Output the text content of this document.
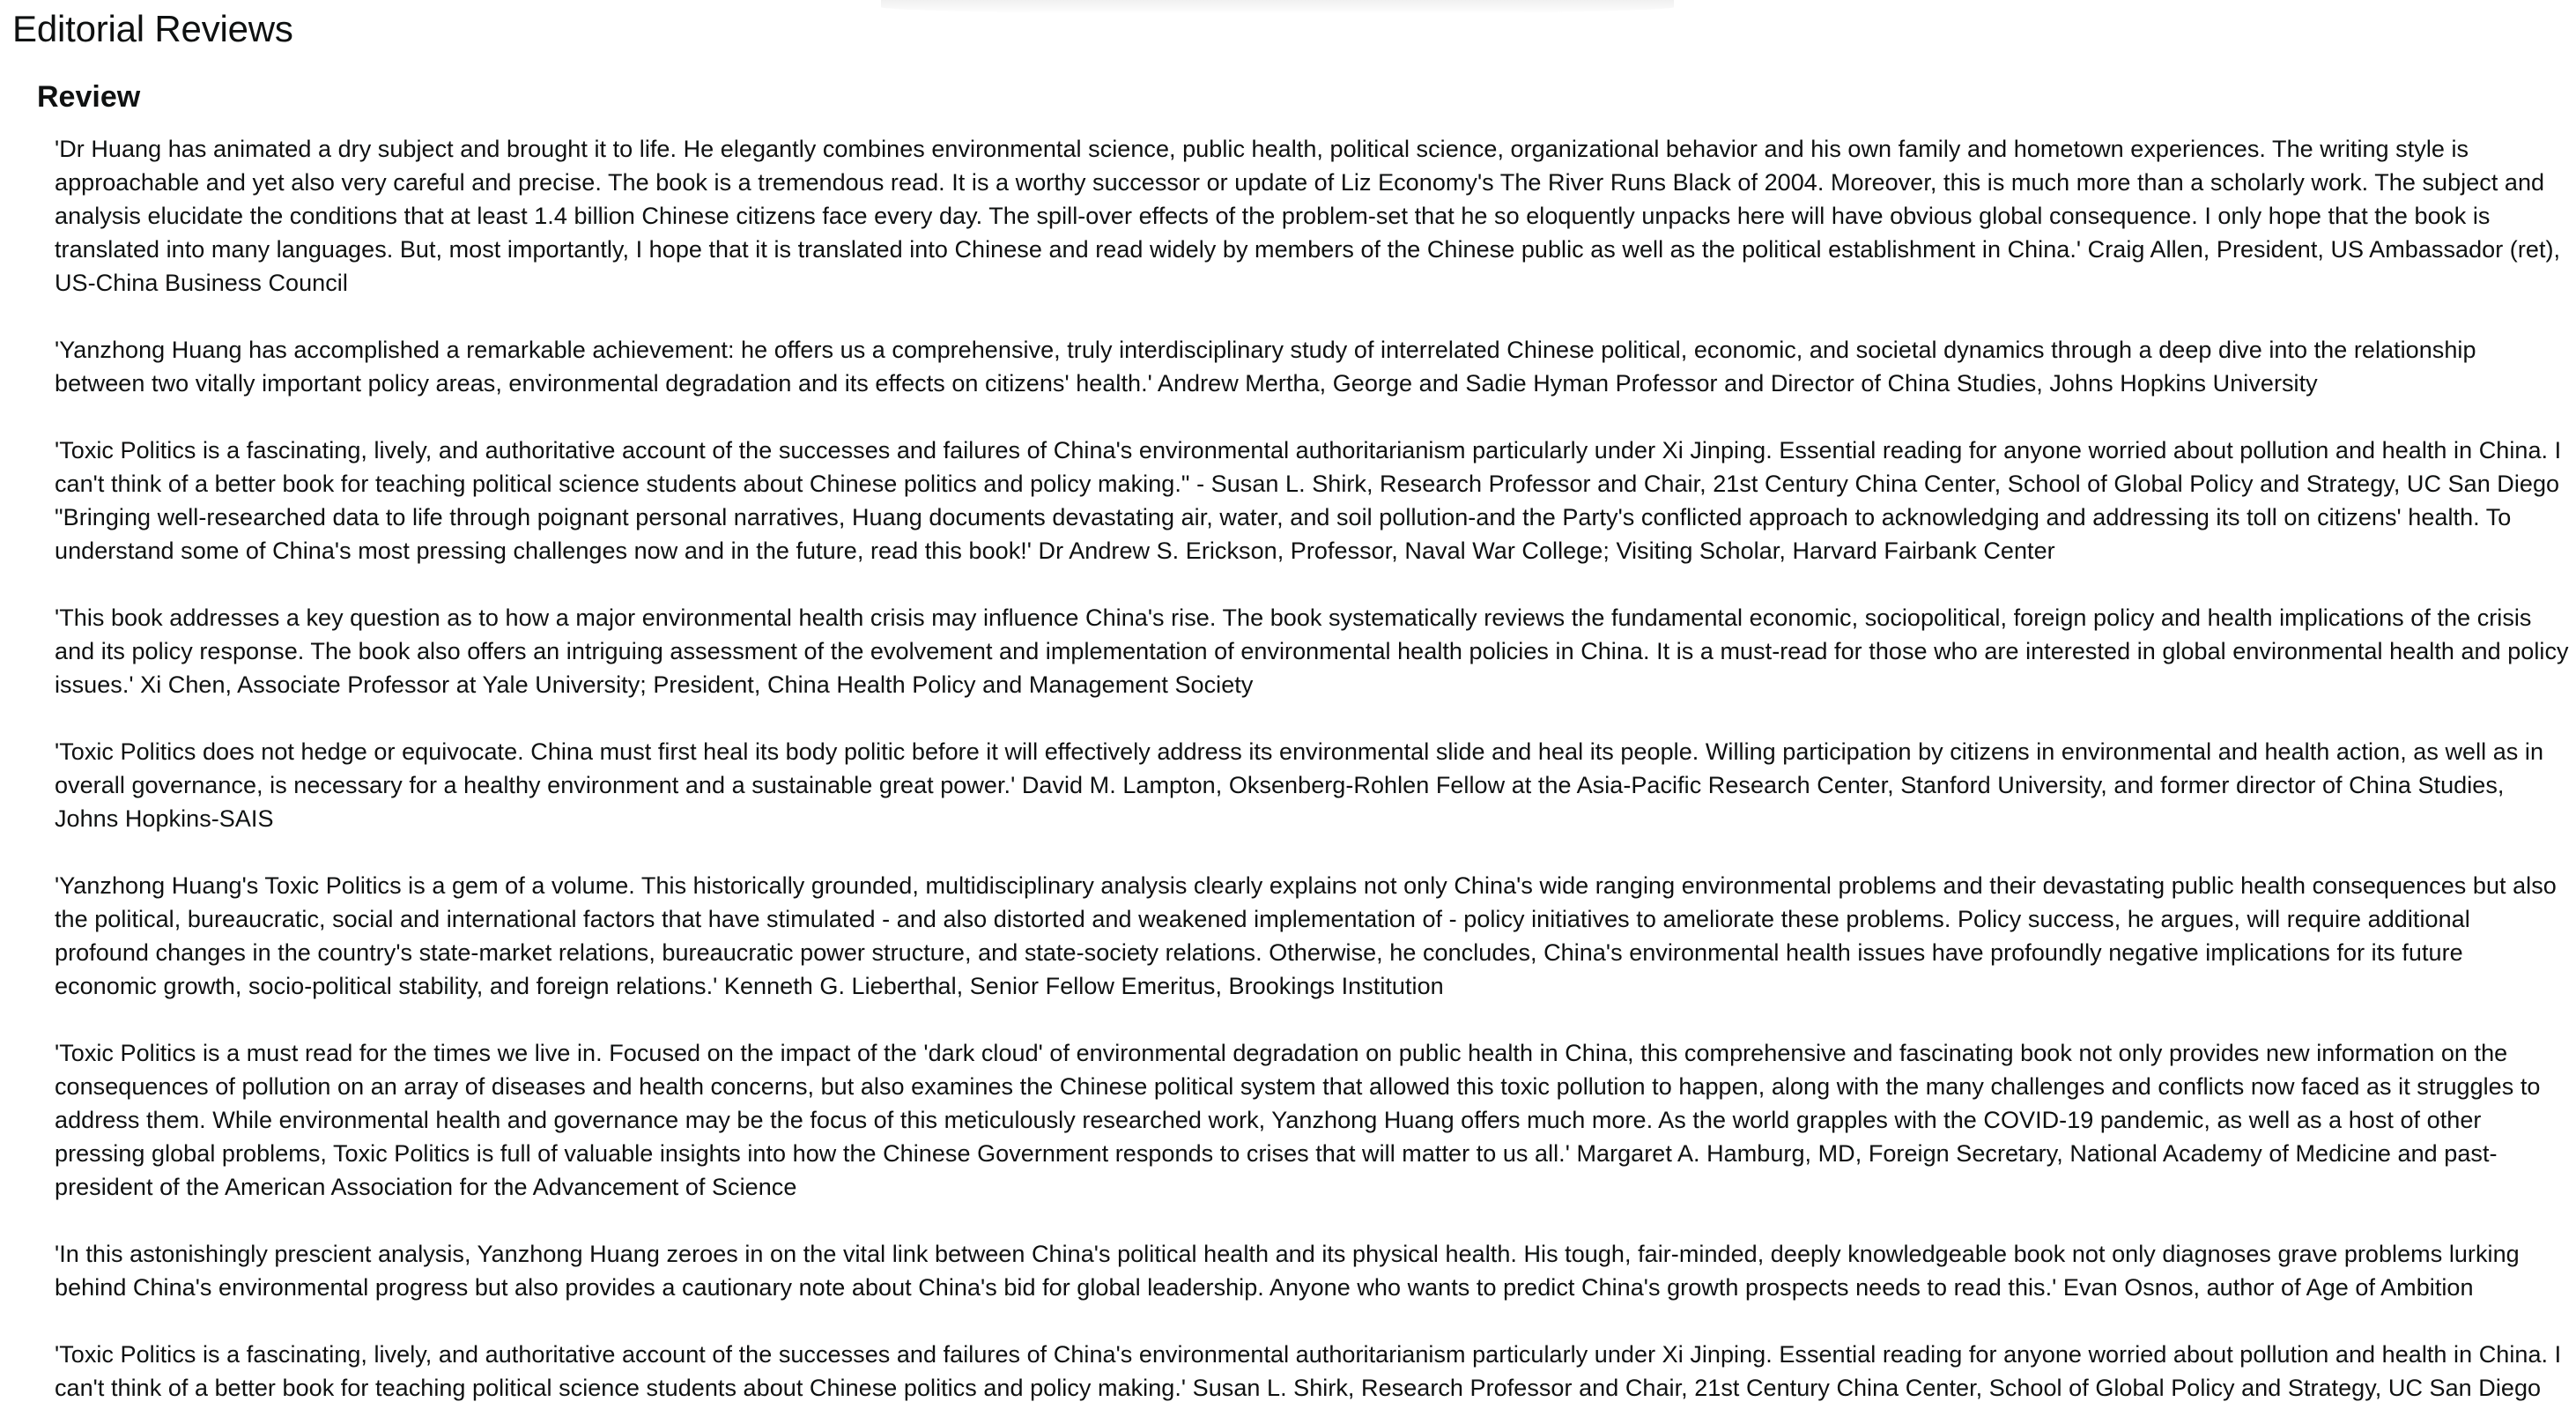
Editorial Reviews
Review

'Dr Huang has animated a dry subject and brought it to life. He elegantly combines environmental science, public health, political science, organizational behavior and his own family and hometown experiences. The writing style is approachable and yet also very careful and precise. The book is a tremendous read. It is a worthy successor or update of Liz Economy's The River Runs Black of 2004. Moreover, this is much more than a scholarly work. The subject and analysis elucidate the conditions that at least 1.4 billion Chinese citizens face every day. The spill-over effects of the problem-set that he so eloquently unpacks here will have obvious global consequence. I only hope that the book is translated into many languages. But, most importantly, I hope that it is translated into Chinese and read widely by members of the Chinese public as well as the political establishment in China.' Craig Allen, President, US Ambassador (ret), US-China Business Council

'Yanzhong Huang has accomplished a remarkable achievement: he offers us a comprehensive, truly interdisciplinary study of interrelated Chinese political, economic, and societal dynamics through a deep dive into the relationship between two vitally important policy areas, environmental degradation and its effects on citizens' health.' Andrew Mertha, George and Sadie Hyman Professor and Director of China Studies, Johns Hopkins University

'Toxic Politics is a fascinating, lively, and authoritative account of the successes and failures of China's environmental authoritarianism particularly under Xi Jinping. Essential reading for anyone worried about pollution and health in China. I can't think of a better book for teaching political science students about Chinese politics and policy making." - Susan L. Shirk, Research Professor and Chair, 21st Century China Center, School of Global Policy and Strategy, UC San Diego
"Bringing well-researched data to life through poignant personal narratives, Huang documents devastating air, water, and soil pollution-and the Party's conflicted approach to acknowledging and addressing its toll on citizens' health. To understand some of China's most pressing challenges now and in the future, read this book!' Dr Andrew S. Erickson, Professor, Naval War College; Visiting Scholar, Harvard Fairbank Center

'This book addresses a key question as to how a major environmental health crisis may influence China's rise. The book systematically reviews the fundamental economic, sociopolitical, foreign policy and health implications of the crisis and its policy response. The book also offers an intriguing assessment of the evolvement and implementation of environmental health policies in China. It is a must-read for those who are interested in global environmental health and policy issues.' Xi Chen, Associate Professor at Yale University; President, China Health Policy and Management Society

'Toxic Politics does not hedge or equivocate. China must first heal its body politic before it will effectively address its environmental slide and heal its people. Willing participation by citizens in environmental and health action, as well as in overall governance, is necessary for a healthy environment and a sustainable great power.' David M. Lampton, Oksenberg-Rohlen Fellow at the Asia-Pacific Research Center, Stanford University, and former director of China Studies, Johns Hopkins-SAIS

'Yanzhong Huang's Toxic Politics is a gem of a volume. This historically grounded, multidisciplinary analysis clearly explains not only China's wide ranging environmental problems and their devastating public health consequences but also the political, bureaucratic, social and international factors that have stimulated - and also distorted and weakened implementation of - policy initiatives to ameliorate these problems. Policy success, he argues, will require additional profound changes in the country's state-market relations, bureaucratic power structure, and state-society relations. Otherwise, he concludes, China's environmental health issues have profoundly negative implications for its future economic growth, socio-political stability, and foreign relations.' Kenneth G. Lieberthal, Senior Fellow Emeritus, Brookings Institution

'Toxic Politics is a must read for the times we live in. Focused on the impact of the 'dark cloud' of environmental degradation on public health in China, this comprehensive and fascinating book not only provides new information on the consequences of pollution on an array of diseases and health concerns, but also examines the Chinese political system that allowed this toxic pollution to happen, along with the many challenges and conflicts now faced as it struggles to address them. While environmental health and governance may be the focus of this meticulously researched work, Yanzhong Huang offers much more. As the world grapples with the COVID-19 pandemic, as well as a host of other pressing global problems, Toxic Politics is full of valuable insights into how the Chinese Government responds to crises that will matter to us all.' Margaret A. Hamburg, MD, Foreign Secretary, National Academy of Medicine and past-president of the American Association for the Advancement of Science

'In this astonishingly prescient analysis, Yanzhong Huang zeroes in on the vital link between China's political health and its physical health. His tough, fair-minded, deeply knowledgeable book not only diagnoses grave problems lurking behind China's environmental progress but also provides a cautionary note about China's bid for global leadership. Anyone who wants to predict China's growth prospects needs to read this.' Evan Osnos, author of Age of Ambition

'Toxic Politics is a fascinating, lively, and authoritative account of the successes and failures of China's environmental authoritarianism particularly under Xi Jinping. Essential reading for anyone worried about pollution and health in China. I can't think of a better book for teaching political science students about Chinese politics and policy making.' Susan L. Shirk, Research Professor and Chair, 21st Century China Center, School of Global Policy and Strategy, UC San Diego
